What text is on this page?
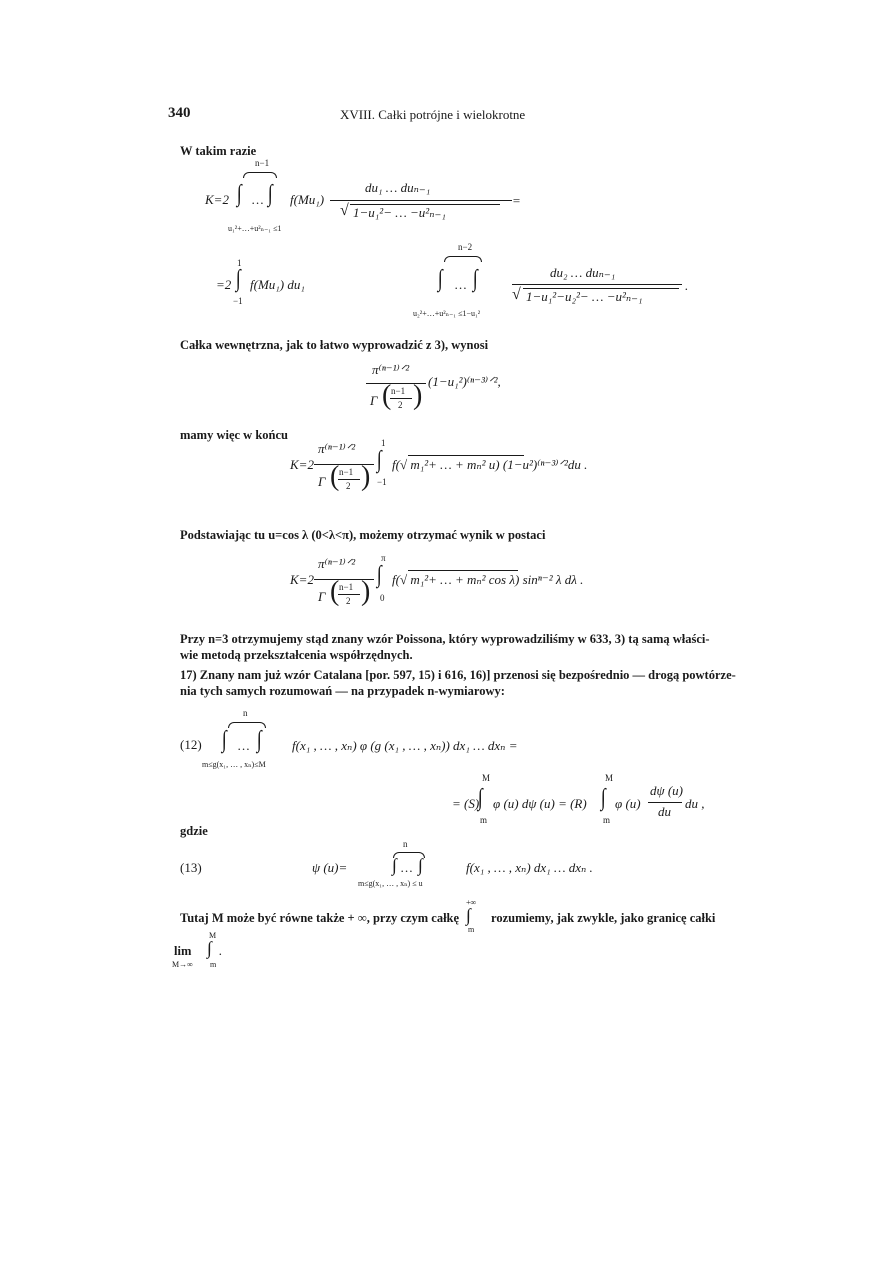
340	XVIII. Całki potrójne i wielokrotne
W takim razie
n−1
K=2 ∫ … ∫ f(Mu₁)
du₁ … duₙ₋₁
√ 1−u₁²− … −u²ₙ₋₁
=
u₁²+…+u²ₙ₋₁ ≤1
n−2
1
=2 ∫
−1
f(Mu₁) du₁	∫ … ∫	du₂ … duₙ₋₁
√ 1−u₁²−u₂²− … −u²ₙ₋₁
.
u₂²+…+u²ₙ₋₁ ≤1−u₁²
Całka wewnętrzna, jak to łatwo wyprowadzić z 3), wynosi
π⁽ⁿ⁻¹⁾ᐟ²
Γ ( n−1
2 ) (1−u₁²)⁽ⁿ⁻³⁾ᐟ²,
mamy więc w końcu
K=2
π⁽ⁿ⁻¹⁾ᐟ²
Γ ( n−1
2 )
1
∫
−1
f(√ m₁²+ … + mₙ² u) (1−u²)⁽ⁿ⁻³⁾ᐟ²du .
Podstawiając tu u=cos λ (0<λ<π), możemy otrzymać wynik w postaci
K=2
π⁽ⁿ⁻¹⁾ᐟ²
Γ ( n−1
2 )
π
∫
0
f(√ m₁²+ … + mₙ² cos λ) sinⁿ⁻² λ dλ .
Przy n=3 otrzymujemy stąd znany wzór Poissona, który wyprowadziliśmy w 633, 3) tą samą właści-
wie metodą przekształcenia współrzędnych.
17) Znany nam już wzór Catalana [por. 597, 15) i 616, 16)] przenosi się bezpośrednio — drogą powtórze-
nia tych samych rozumowań — na przypadek n-wymiarowy:
(12)
n
∫ … ∫ f(x₁ , … , xₙ) φ (g (x₁ , … , xₙ)) dx₁ … dxₙ =
m≤g(x₁, … , xₙ)≤M
M
= (S)
∫
m
φ (u) dψ (u) = (R)
M
∫
m
φ (u)
dψ (u)
du
du ,
gdzie
(13)
n
ψ (u)= ∫ … ∫	f(x₁ , … , xₙ) dx₁ … dxₙ .
m≤g(x₁, … , xₙ) ≤ u
+∞
Tutaj M może być równe także + ∞, przy czym całkę ∫
m
rozumiemy, jak zwykle, jako granicę całki
M
lim ∫ .
M→∞ m
